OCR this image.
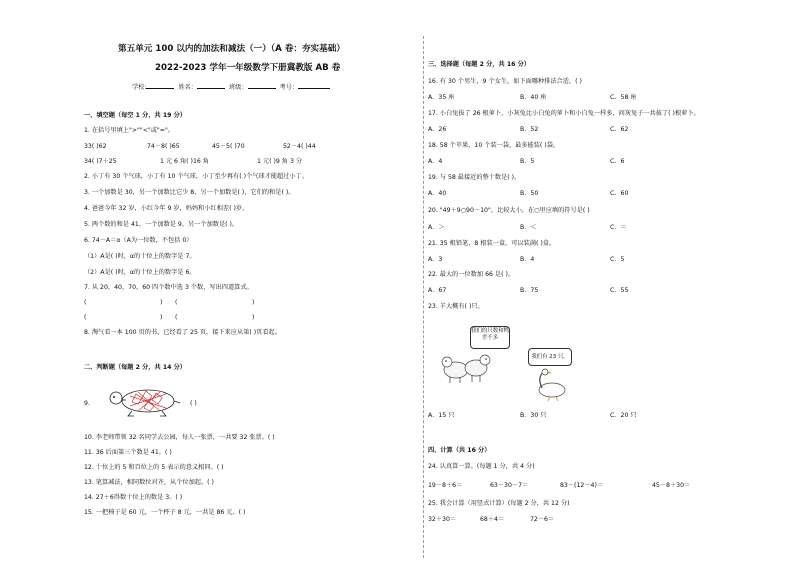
第五单元 100 以内的加法和减法（一）（A 卷：夯实基础）
2022-2023 学年一年级数学下册冀教版 AB 卷
学校:	姓名：	班级：	考号：
一、填空题（每空 1 分，共 19 分）
1. 在括号里填上">""<"或"="。
33( )62	74－8( )65	45－5( )70	52－4( )44
34( )7＋25	1 元 6 角( )16 角	1 元( )9 角 3 分
2. 小丁有 30 个气球，小丁有 10 个气球，小丁至少再有( )个气球才能超过小丁。
3. 一个加数是 30，另一个加数比它少 8，另一个加数是( )，它们的和是( )。
4. 爸爸今年 32 岁，小红今年 9 岁，妈妈和小红相差( )岁。
5. 两个数的和是 41，一个加数是 9，另一个加数是( )。
6. 74－A＝α（A为一位数，不包括 0）
（1）A是( )时，α的十位上的数字是 7。
（2）A是( )时，α的十位上的数字是 6。
7. 从 20，40，70，60 四个数中选 3 个数，写出四道算式。
(	) (	)
(	) (	)
8. 淘气看一本 100 页的书，已经看了 25 页，接下来应从第( )页看起。
二、判断题（每题 2 分，共 14 分）
9.	( )
10. 李老师带领 32 名同学去公园，每人一张票，一共要 32 张票。( )
11. 36 后面第三个数是 41。( )
12. 十位上的 5 和百位上的 5 表示的意义相同。( )
13. 笔算减法，相同数位对齐，从个位加起。( )
14. 27＋6得数十位上的数是 3。( )
15. 一把椅子是 60 元，一个杯子 8 元，一共是 86 元。( )
三、选择题（每题 2 分，共 16 分）
16. 有 30 个男生，9 个女生，如下面哪种排法合适。( )
A．35 座	B．40 座	C．58 座
17. 小白兔拔了 26 根萝卜，小灰兔比小白兔的萝卜和小白兔一样多，问灰兔子一共拔了( )根萝卜。
A．26	B．52	C．62
18. 58 个苹果，10 个装一袋，最多能装( )袋。
A．4	B．5	C．6
19. 与 58 最接近的整十数是( )。
A．40	B．50	C．60
20. "49＋9○90－10"，比较大小，在○里应填的符号是( )
A．＞	B．＜	C．＝
21. 35 根铅笔，8 根装一盒，可以装满( )盒。
A．3	B．4	C．5
22. 最大的一位数加 66 是( )。
A．67	B．75	C．55
23. 羊大概有( )只。
我们的只数和鸭差不多
我们有 23 只。
A．15 只	B．30 只	C．20 只
四、计算（共 16 分）
24. 认真算一算。(每题 1 分，共 4 分)
19－8＋6＝	63－30－7＝	83－(12－4)＝	45－8＋30＝
25. 我会计算（用竖式计算）(每题 2 分，共 12 分)
32＋30＝	68＋4＝	72－6＝
